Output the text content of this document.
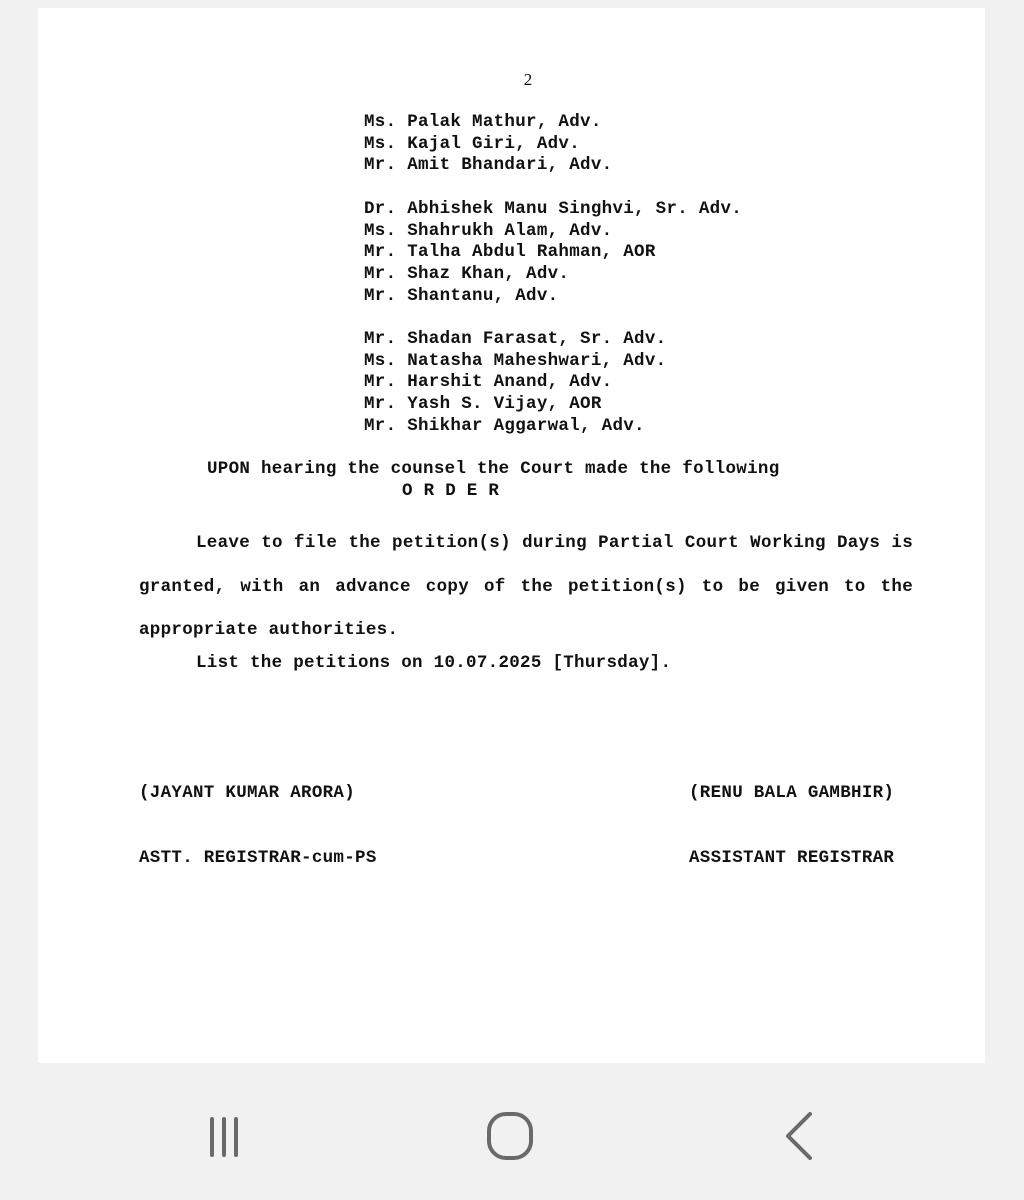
2
Ms. Palak Mathur, Adv.
Ms. Kajal Giri, Adv.
Mr. Amit Bhandari, Adv.
Dr. Abhishek Manu Singhvi, Sr. Adv.
Ms. Shahrukh Alam, Adv.
Mr. Talha Abdul Rahman, AOR
Mr. Shaz Khan, Adv.
Mr. Shantanu, Adv.
Mr. Shadan Farasat, Sr. Adv.
Ms. Natasha Maheshwari, Adv.
Mr. Harshit Anand, Adv.
Mr. Yash S. Vijay, AOR
Mr. Shikhar Aggarwal, Adv.
UPON hearing the counsel the Court made the following
O R D E R

Leave to file the petition(s) during Partial Court Working Days is granted, with an advance copy of the petition(s) to be given to the appropriate authorities.

List the petitions on 10.07.2025 [Thursday].

(JAYANT KUMAR ARORA)

ASTT. REGISTRAR-cum-PS

(RENU BALA GAMBHIR)

ASSISTANT REGISTRAR
